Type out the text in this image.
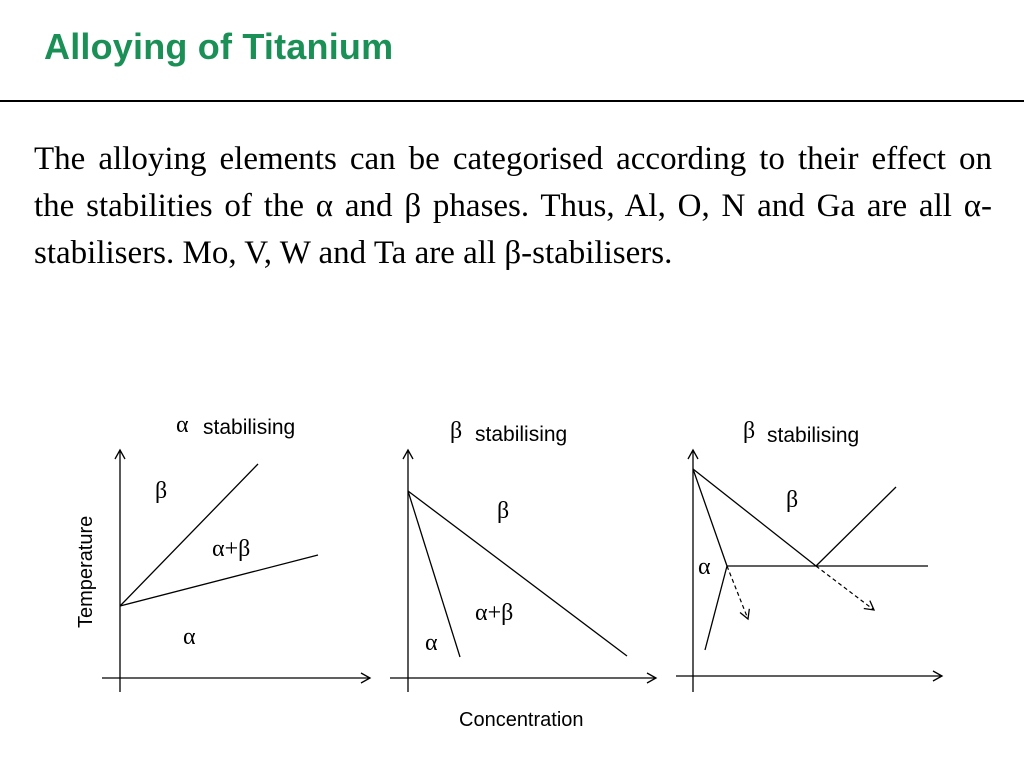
Alloying of Titanium
The alloying elements can be categorised according to their effect on the stabilities of the α and β phases. Thus, Al, O, N and Ga are all α-stabilisers. Mo, V, W and Ta are all β-stabilisers.
Temperature
α stabilising
β
α+β
α
β stabilising
β
α+β
α
β stabilising
β
α
Concentration
